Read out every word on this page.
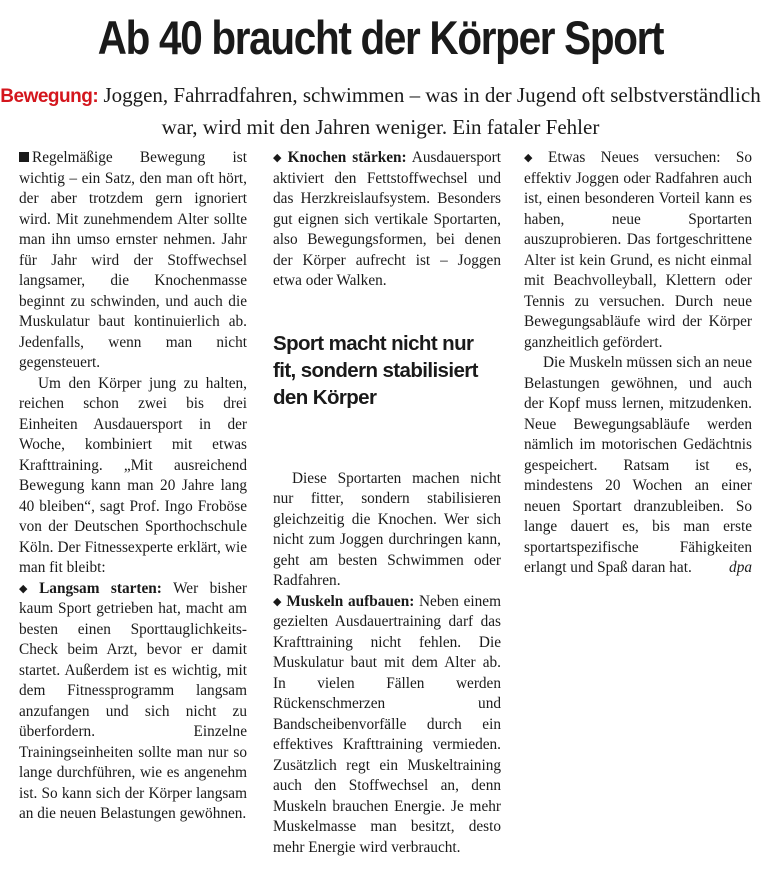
Ab 40 braucht der Körper Sport
Bewegung: Joggen, Fahrradfahren, schwimmen – was in der Jugend oft selbstverständlich war, wird mit den Jahren weniger. Ein fataler Fehler

Regelmäßige Bewegung ist wichtig – ein Satz, den man oft hört, der aber trotzdem gern ignoriert wird. Mit zunehmendem Alter sollte man ihn umso ernster nehmen. Jahr für Jahr wird der Stoffwechsel langsamer, die Knochenmasse beginnt zu schwinden, und auch die Muskulatur baut kontinuierlich ab. Jedenfalls, wenn man nicht gegensteuert.

Um den Körper jung zu halten, reichen schon zwei bis drei Einheiten Ausdauersport in der Woche, kombiniert mit etwas Krafttraining. „Mit ausreichend Bewegung kann man 20 Jahre lang 40 bleiben“, sagt Prof. Ingo Froböse von der Deutschen Sporthochschule Köln. Der Fitnessexperte erklärt, wie man fit bleibt:

◆ Langsam starten: Wer bisher kaum Sport getrieben hat, macht am besten einen Sporttauglichkeits-Check beim Arzt, bevor er damit startet. Außerdem ist es wichtig, mit dem Fitnessprogramm langsam anzufangen und sich nicht zu überfordern. Einzelne Trainingseinheiten sollte man nur so lange durchführen, wie es angenehm ist. So kann sich der Körper langsam an die neuen Belastungen gewöhnen.

◆ Knochen stärken: Ausdauersport aktiviert den Fettstoffwechsel und das Herzkreislaufsystem. Besonders gut eignen sich vertikale Sportarten, also Bewegungsformen, bei denen der Körper aufrecht ist – Joggen etwa oder Walken.

Sport macht nicht nur fit, sondern stabilisiert den Körper

Diese Sportarten machen nicht nur fitter, sondern stabilisieren gleichzeitig die Knochen. Wer sich nicht zum Joggen durchringen kann, geht am besten Schwimmen oder Radfahren.

◆ Muskeln aufbauen: Neben einem gezielten Ausdauertraining darf das Krafttraining nicht fehlen. Die Muskulatur baut mit dem Alter ab. In vielen Fällen werden Rückenschmerzen und Bandscheibenvorfälle durch ein effektives Krafttraining vermieden. Zusätzlich regt ein Muskeltraining auch den Stoffwechsel an, denn Muskeln brauchen Energie. Je mehr Muskelmasse man besitzt, desto mehr Energie wird verbraucht.

◆ Etwas Neues versuchen: So effektiv Joggen oder Radfahren auch ist, einen besonderen Vorteil kann es haben, neue Sportarten auszuprobieren. Das fortgeschrittene Alter ist kein Grund, es nicht einmal mit Beachvolleyball, Klettern oder Tennis zu versuchen. Durch neue Bewegungsabläufe wird der Körper ganzheitlich gefördert.

Die Muskeln müssen sich an neue Belastungen gewöhnen, und auch der Kopf muss lernen, mitzudenken. Neue Bewegungsabläufe werden nämlich im motorischen Gedächtnis gespeichert. Ratsam ist es, mindestens 20 Wochen an einer neuen Sportart dranzubleiben. So lange dauert es, bis man erste sportartspezifische Fähigkeiten erlangt und Spaß daran hat.	dpa
